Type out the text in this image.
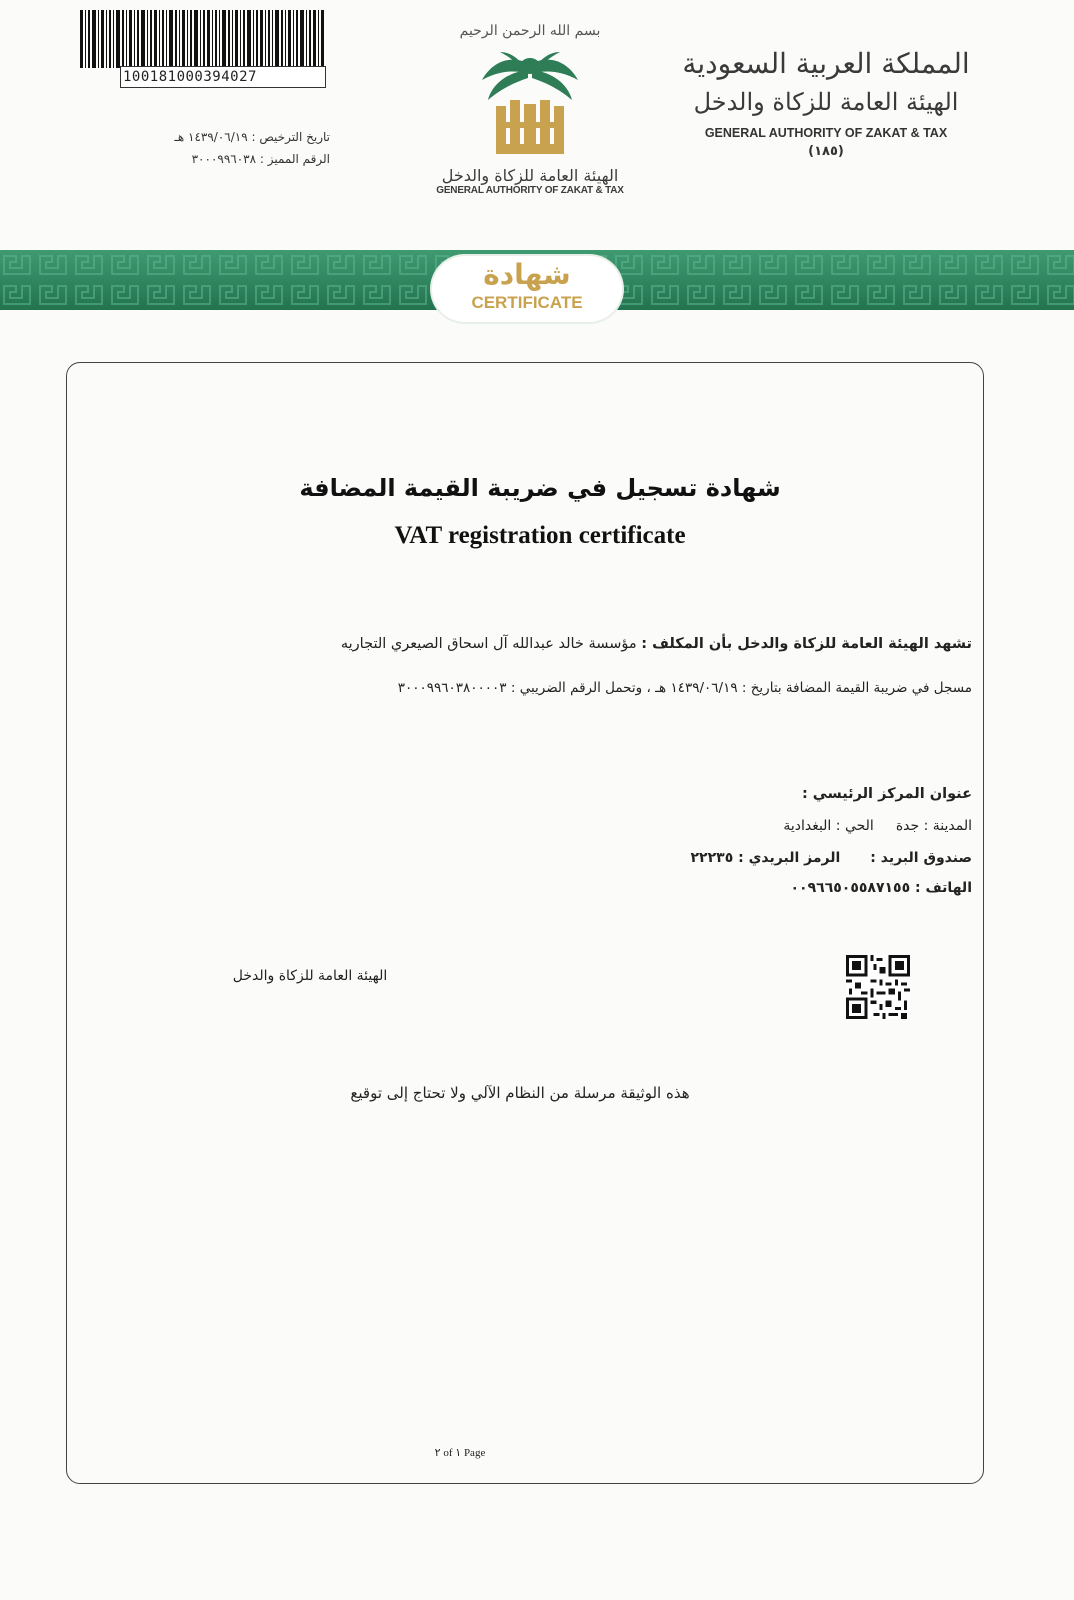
100181000394027
تاريخ الترخيص : ١٤٣٩/٠٦/١٩ هـ
الرقم المميز : ٣٠٠٠٩٩٦٠٣٨
بسم الله الرحمن الرحيم
الهيئة العامة للزكاة والدخل
GENERAL AUTHORITY OF ZAKAT & TAX
المملكة العربية السعودية
الهيئة العامة للزكاة والدخل
GENERAL AUTHORITY OF ZAKAT & TAX
(١٨٥)
شهادة
CERTIFICATE
شهادة تسجيل في ضريبة القيمة المضافة
VAT registration certificate
تشهد الهيئة العامة للزكاة والدخل بأن المكلف : مؤسسة خالد عبدالله آل اسحاق الصيعري التجاريه
مسجل في ضريبة القيمة المضافة بتاريخ : ١٤٣٩/٠٦/١٩ هـ ، وتحمل الرقم الضريبي : ٣٠٠٠٩٩٦٠٣٨٠٠٠٠٣
عنوان المركز الرئيسي :
المدينة : جدةالحي : البغدادية
صندوق البريد :الرمز البريدي : ٢٢٢٣٥
الهاتف : ٠٠٩٦٦٥٠٥٥٨٧١٥٥
الهيئة العامة للزكاة والدخل
هذه الوثيقة مرسلة من النظام الآلي ولا تحتاج إلى توقيع
٢ of ١ Page
